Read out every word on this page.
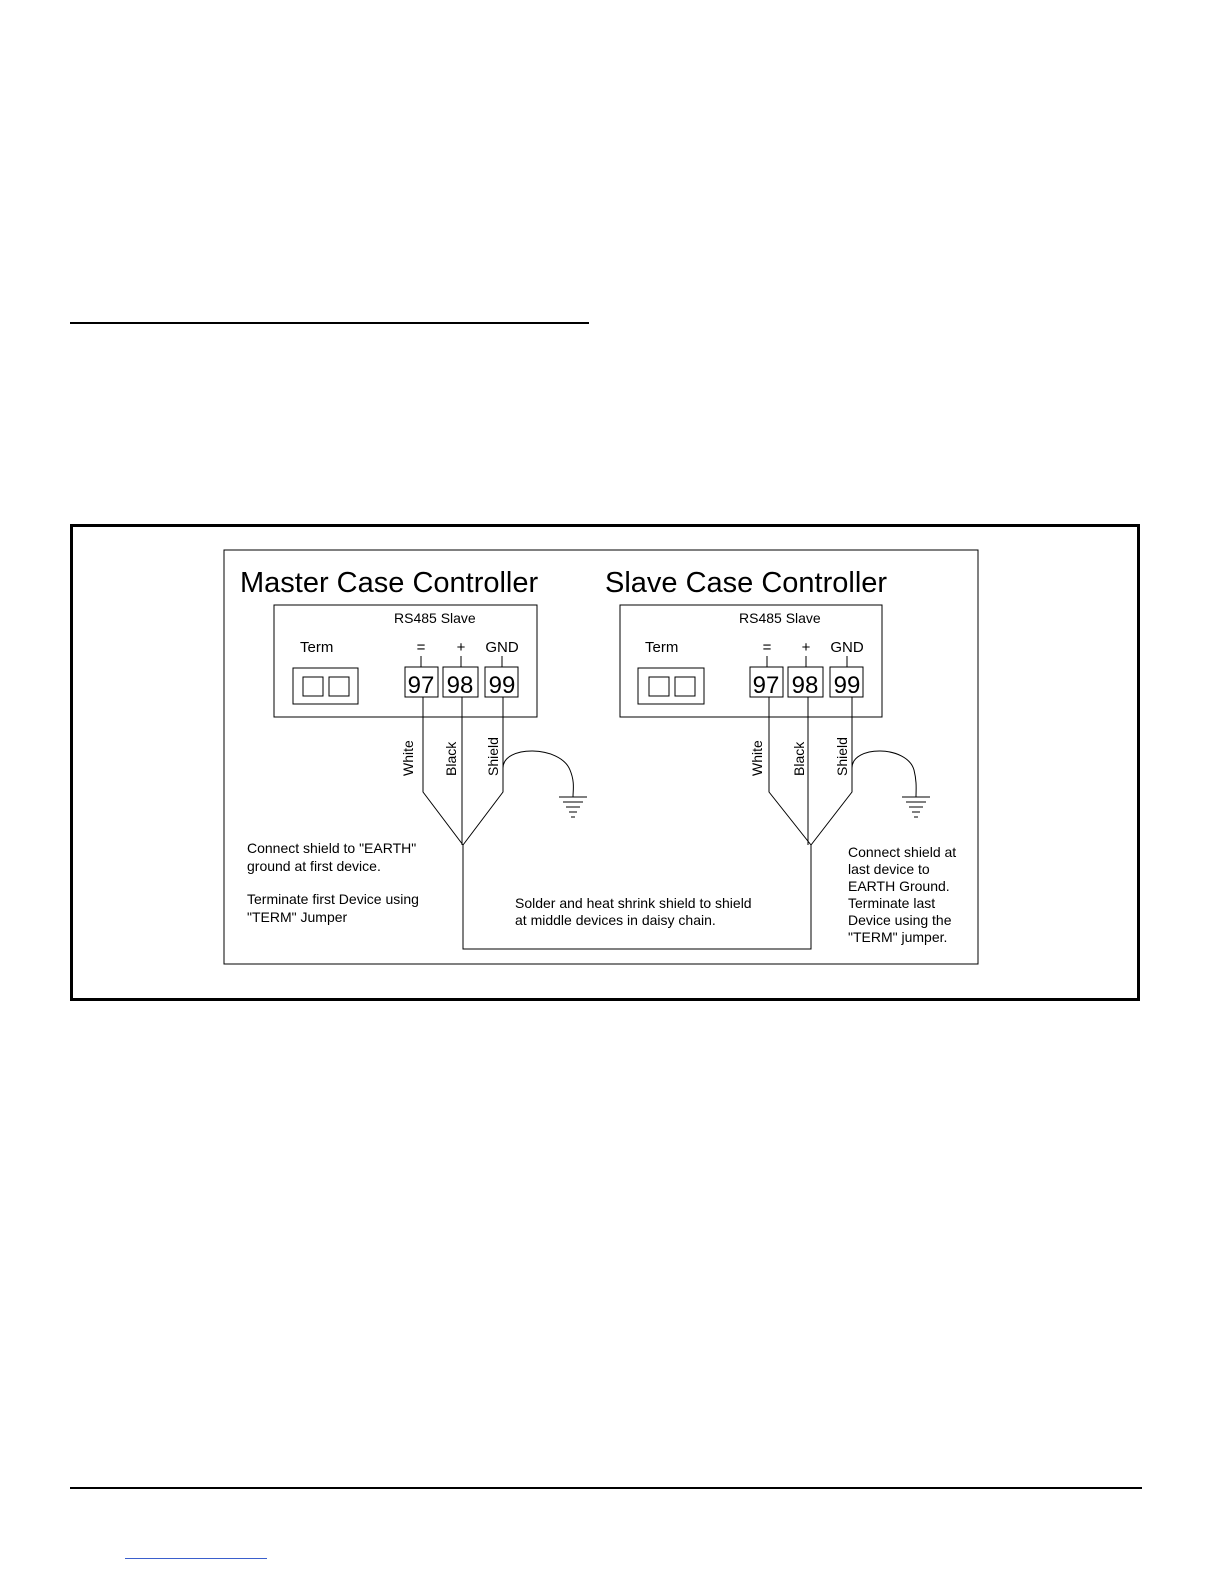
Master Case Controller
RS485 Slave
Term	= + GND
97 98 99
White Black Shield
Slave Case Controller
RS485 Slave
Term	= + GND
97 98 99
White Black Shield
Connect shield to "EARTH"
ground at first device.
Terminate first Device using
"TERM" Jumper
Solder and heat shrink shield to shield
at middle devices in daisy chain.
Connect shield at
last device to
EARTH Ground.
Terminate last
Device using the
"TERM" jumper.
